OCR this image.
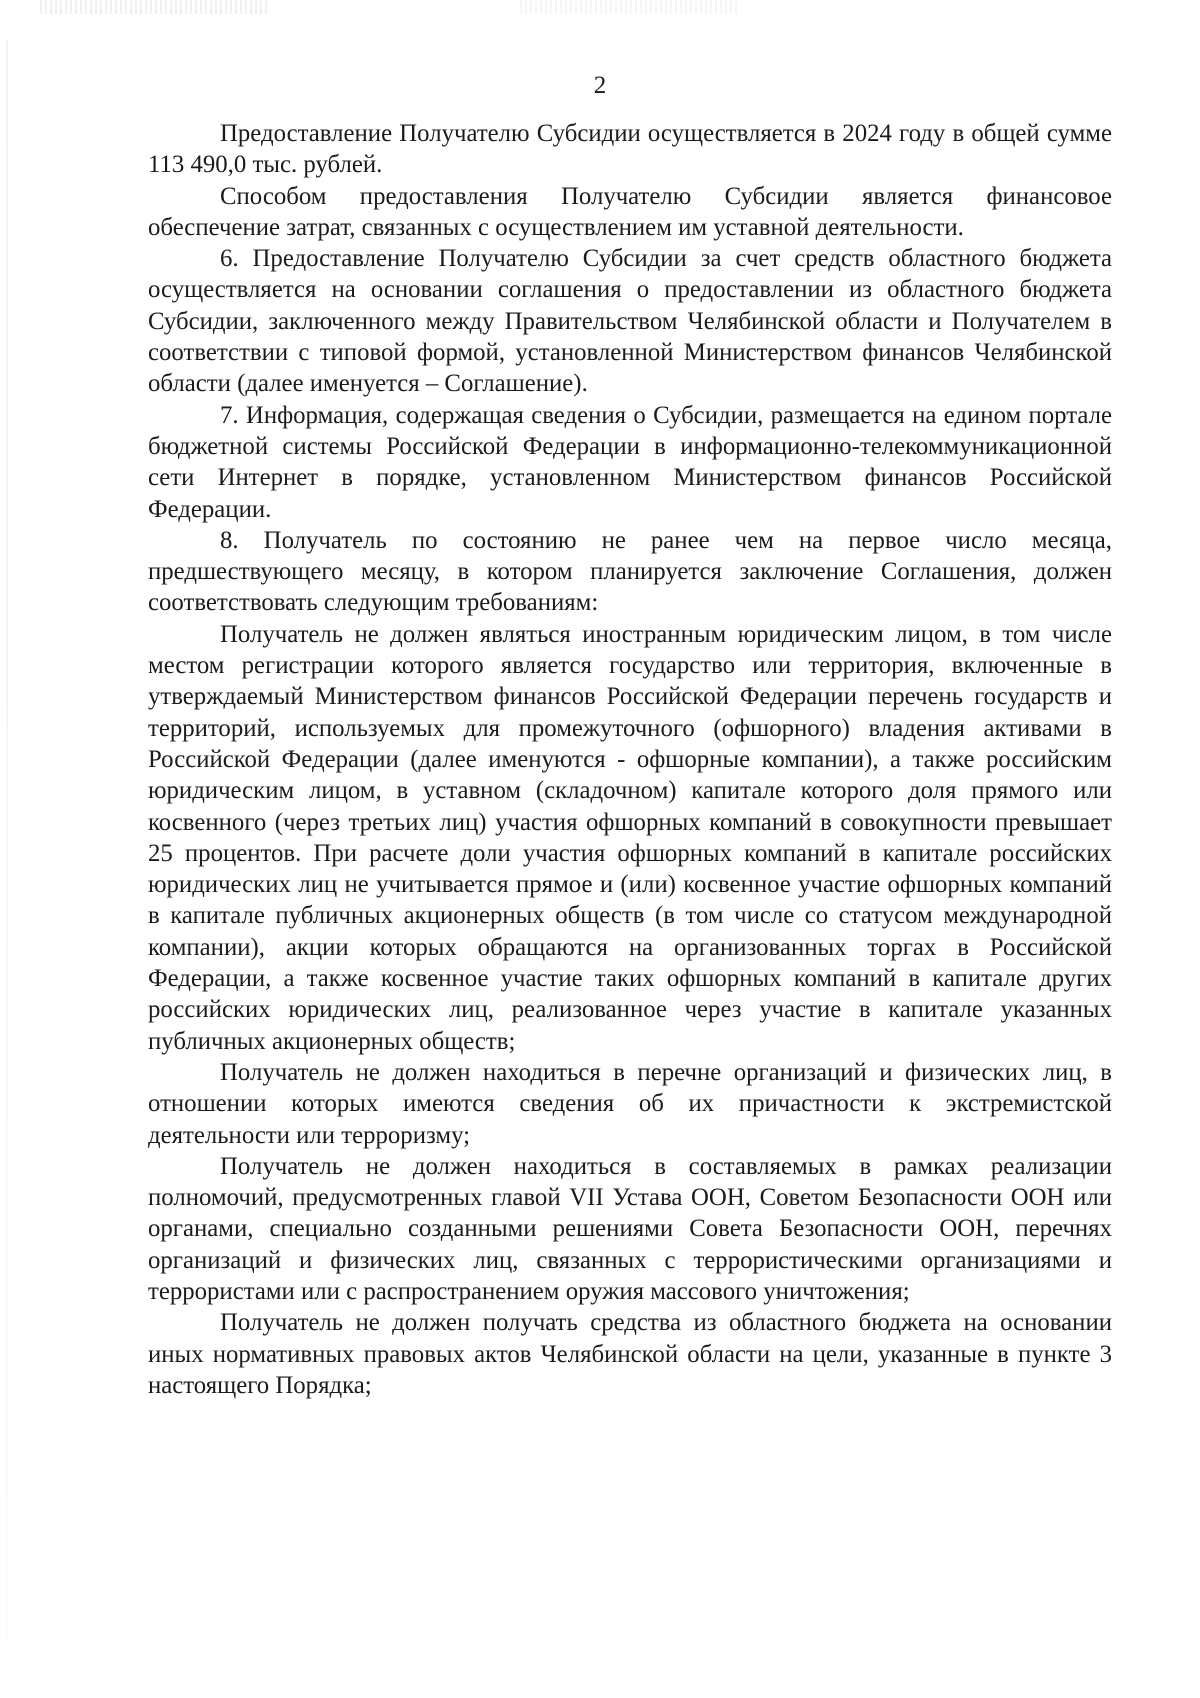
2

Предоставление Получателю Субсидии осуществляется в 2024 году в общей сумме 113 490,0 тыс. рублей.

Способом предоставления Получателю Субсидии является финансовое обеспечение затрат, связанных с осуществлением им уставной деятельности.

6. Предоставление Получателю Субсидии за счет средств областного бюджета осуществляется на основании соглашения о предоставлении из областного бюджета Субсидии, заключенного между Правительством Челябинской области и Получателем в соответствии с типовой формой, установленной Министерством финансов Челябинской области (далее именуется – Соглашение).

7. Информация, содержащая сведения о Субсидии, размещается на едином портале бюджетной системы Российской Федерации в информационно-телекоммуникационной сети Интернет в порядке, установленном Министерством финансов Российской Федерации.

8. Получатель по состоянию не ранее чем на первое число месяца, предшествующего месяцу, в котором планируется заключение Соглашения, должен соответствовать следующим требованиям:

Получатель не должен являться иностранным юридическим лицом, в том числе местом регистрации которого является государство или территория, включенные в утверждаемый Министерством финансов Российской Федерации перечень государств и территорий, используемых для промежуточного (офшорного) владения активами в Российской Федерации (далее именуются - офшорные компании), а также российским юридическим лицом, в уставном (складочном) капитале которого доля прямого или косвенного (через третьих лиц) участия офшорных компаний в совокупности превышает 25 процентов. При расчете доли участия офшорных компаний в капитале российских юридических лиц не учитывается прямое и (или) косвенное участие офшорных компаний в капитале публичных акционерных обществ (в том числе со статусом международной компании), акции которых обращаются на организованных торгах в Российской Федерации, а также косвенное участие таких офшорных компаний в капитале других российских юридических лиц, реализованное через участие в капитале указанных публичных акционерных обществ;

Получатель не должен находиться в перечне организаций и физических лиц, в отношении которых имеются сведения об их причастности к экстремистской деятельности или терроризму;

Получатель не должен находиться в составляемых в рамках реализации полномочий, предусмотренных главой VII Устава ООН, Советом Безопасности ООН или органами, специально созданными решениями Совета Безопасности ООН, перечнях организаций и физических лиц, связанных с террористическими организациями и террористами или с распространением оружия массового уничтожения;

Получатель не должен получать средства из областного бюджета на основании иных нормативных правовых актов Челябинской области на цели, указанные в пункте 3 настоящего Порядка;
